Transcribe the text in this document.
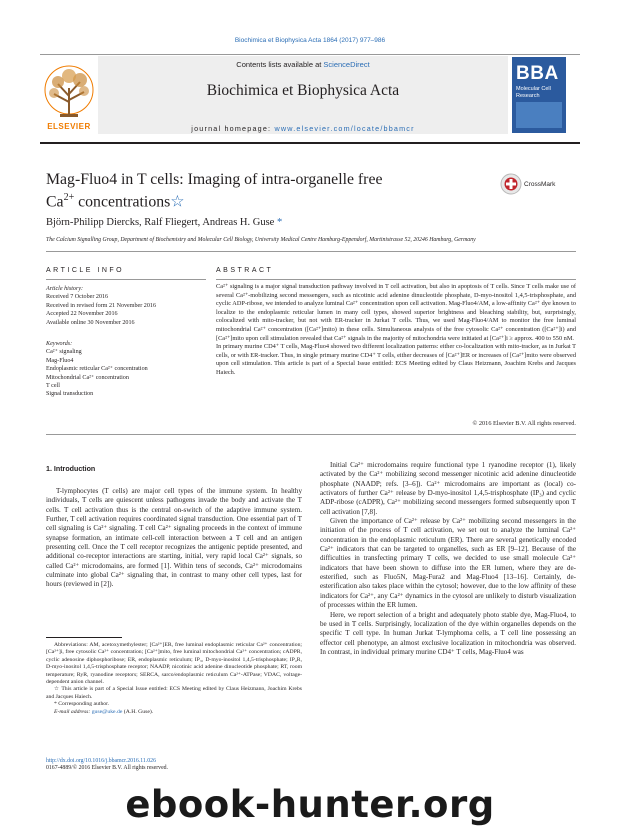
Biochimica et Biophysica Acta 1864 (2017) 977–986
Contents lists available at ScienceDirect
Biochimica et Biophysica Acta
journal homepage: www.elsevier.com/locate/bbamcr
ELSEVIER
BBA
Molecular Cell Research
Mag-Fluo4 in T cells: Imaging of intra-organelle free
$Ca^{2+}$ concentrations☆
CrossMark
Björn-Philipp Diercks, Ralf Fliegert, Andreas H. Guse *
The Calcium Signalling Group, Department of Biochemistry and Molecular Cell Biology, University Medical Centre Hamburg-Eppendorf, Martinistrasse 52, 20246 Hamburg, Germany
ARTICLE INFO	ABSTRACT
Article history:
Received 7 October 2016
Received in revised form 21 November 2016
Accepted 22 November 2016
Available online 30 November 2016
Keywords:
Ca²⁺ signaling
Mag-Fluo4
Endoplasmic reticular Ca²⁺ concentration
Mitochondrial Ca²⁺ concentration
T cell
Signal transduction

Ca²⁺ signaling is a major signal transduction pathway involved in T cell activation, but also in apoptosis of T cells. Since T cells make use of several Ca²⁺-mobilizing second messengers, such as nicotinic acid adenine dinucleotide phosphate, D-myo-inositol 1,4,5-trisphosphate, and cyclic ADP-ribose, we intended to analyze luminal Ca²⁺ concentration upon cell activation. Mag-Fluo4/AM, a low-affinity Ca²⁺ dye known to localize to the endoplasmic reticular lumen in many cell types, showed superior brightness and bleaching stability, but, surprisingly, colocalized with mito-tracker, but not with ER-tracker in Jurkat T cells. Thus, we used Mag-Fluo4/AM to monitor the free luminal mitochondrial Ca²⁺ concentration ([Ca²⁺]mito) in these cells. Simultaneous analysis of the free cytosolic Ca²⁺ concentration ([Ca²⁺]i) and [Ca²⁺]mito upon cell stimulation revealed that Ca²⁺ signals in the majority of mitochondria were initiated at [Ca²⁺]i ≥ approx. 400 to 550 nM.

In primary murine CD4⁺ T cells, Mag-Fluo4 showed two different localization patterns: either co-localization with mito-tracker, as in Jurkat T cells, or with ER-tracker. Thus, in single primary murine CD4⁺ T cells, either decreases of [Ca²⁺]ER or increases of [Ca²⁺]mito were observed upon cell stimulation. This article is part of a Special Issue entitled: ECS Meeting edited by Claus Heizmann, Joachim Krebs and Jacques Haiech.

© 2016 Elsevier B.V. All rights reserved.
1. Introduction

T-lymphocytes (T cells) are major cell types of the immune system. In healthy individuals, T cells are quiescent unless pathogens invade the body and activate the T cells. T cell activation thus is the central on-switch of the adaptive immune system. Further, T cell activation requires coordinated signal transduction. One essential part of T cell signaling is Ca²⁺ signaling. T cell Ca²⁺ signaling proceeds in the context of immune synapse formation, an intimate cell-cell interaction between a T cell and an antigen presenting cell. Once the T cell receptor recognizes the antigenic peptide presented, and additional co-receptor interactions are starting, initial, very rapid local Ca²⁺ signals, so called Ca²⁺ microdomains, are formed [1]. Within tens of seconds, Ca²⁺ microdomains culminate into global Ca²⁺ signaling that, in contrast to many other cell types, last for hours (reviewed in [2]).

Initial Ca²⁺ microdomains require functional type 1 ryanodine receptor (1), likely activated by the Ca²⁺ mobilizing second messenger nicotinic acid adenine dinucleotide phosphate (NAADP; refs. [3–6]). Ca²⁺ microdomains are important as (local) co-activators of further Ca²⁺ release by D-myo-inositol 1,4,5-trisphosphate (IP₃) and cyclic ADP-ribose (cADPR), Ca²⁺ mobilizing second messengers formed subsequently upon T cell activation [7,8].

Given the importance of Ca²⁺ release by Ca²⁺ mobilizing second messengers in the initiation of the process of T cell activation, we set out to analyze the luminal Ca²⁺ concentration in the endoplasmic reticulum (ER). There are several genetically encoded Ca²⁺ indicators that can be targeted to organelles, such as ER [9–12]. Because of the difficulties in transfecting primary T cells, we decided to use small molecule Ca²⁺ indicators that have been shown to diffuse into the ER lumen, where they are de-esterified, such as Fluo5N, Mag-Fura2 and Mag-Fluo4 [13–16]. Certainly, de-esterification also takes place within the cytosol; however, due to the low affinity of these indicators for Ca²⁺, any Ca²⁺ dynamics in the cytosol are unlikely to disturb visualization of processes within the ER lumen.

Here, we report selection of a bright and adequately photo stable dye, Mag-Fluo4, to be used in T cells. Surprisingly, localization of the dye within organelles depends on the specific T cell type. In human Jurkat T-lymphoma cells, a T cell line possessing an effector cell phenotype, an almost exclusive localization in mitochondria was observed. In contrast, in individual primary murine CD4⁺ T cells, Mag-Fluo4 was

Abbreviations: AM, acetoxymethylester; [Ca²⁺]ER, free luminal endoplasmic reticular Ca²⁺ concentration; [Ca²⁺]i, free cytosolic Ca²⁺ concentration; [Ca²⁺]mito, free luminal mitochondrial Ca²⁺ concentration; cADPR, cyclic adenosine diphosphoribose; ER, endoplasmic reticulum; IP₃, D-myo-inositol 1,4,5-trisphosphate; IP₄R, D-myo-inositol 1,4,5-trisphosphate receptor; NAADP, nicotinic acid adenine dinucleotide phosphate; RT, room temperature; RyR, ryanodine receptors; SERCA, sarco/endoplasmic reticulum Ca²⁺-ATPase; VDAC, voltage-dependent anion channel.

☆ This article is part of a Special Issue entitled: ECS Meeting edited by Claus Heizmann, Joachim Krebs and Jacques Haiech.

* Corresponding author.

E-mail address: guse@uke.de (A.H. Guse).

http://dx.doi.org/10.1016/j.bbamcr.2016.11.026
0167-4889/© 2016 Elsevier B.V. All rights reserved.
ebook-hunter.org
